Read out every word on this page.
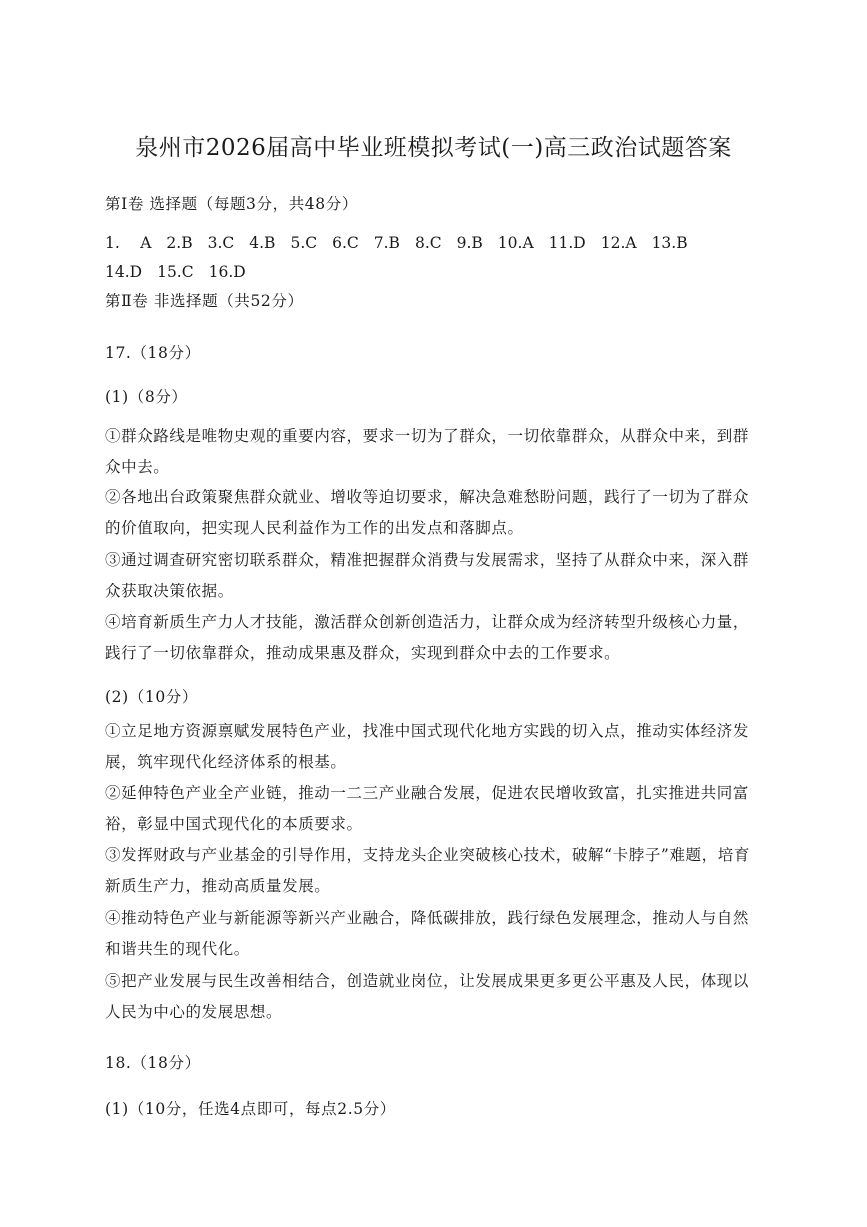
泉州市2026届高中毕业班模拟考试(一)高三政治试题答案
第Ⅰ卷 选择题（每题3分，共48分）
1.　 A 2.B 3.C 4.B 5.C 6.C 7.B 8.C 9.B 10.A 11.D 12.A 13.B
14.D 15.C 16.D
第Ⅱ卷 非选择题（共52分）
17.（18分）
(1)（8分）
①群众路线是唯物史观的重要内容，要求一切为了群众，一切依靠群众，从群众中来，到群众中去。
②各地出台政策聚焦群众就业、增收等迫切要求，解决急难愁盼问题，践行了一切为了群众的价值取向，把实现人民利益作为工作的出发点和落脚点。
③通过调查研究密切联系群众，精准把握群众消费与发展需求，坚持了从群众中来，深入群众获取决策依据。
④培育新质生产力人才技能，激活群众创新创造活力，让群众成为经济转型升级核心力量，践行了一切依靠群众，推动成果惠及群众，实现到群众中去的工作要求。
(2)（10分）
①立足地方资源禀赋发展特色产业，找准中国式现代化地方实践的切入点，推动实体经济发展，筑牢现代化经济体系的根基。
②延伸特色产业全产业链，推动一二三产业融合发展，促进农民增收致富，扎实推进共同富裕，彰显中国式现代化的本质要求。
③发挥财政与产业基金的引导作用，支持龙头企业突破核心技术，破解“卡脖子”难题，培育新质生产力，推动高质量发展。
④推动特色产业与新能源等新兴产业融合，降低碳排放，践行绿色发展理念，推动人与自然和谐共生的现代化。
⑤把产业发展与民生改善相结合，创造就业岗位，让发展成果更多更公平惠及人民，体现以人民为中心的发展思想。
18.（18分）
(1)（10分，任选4点即可，每点2.5分）
